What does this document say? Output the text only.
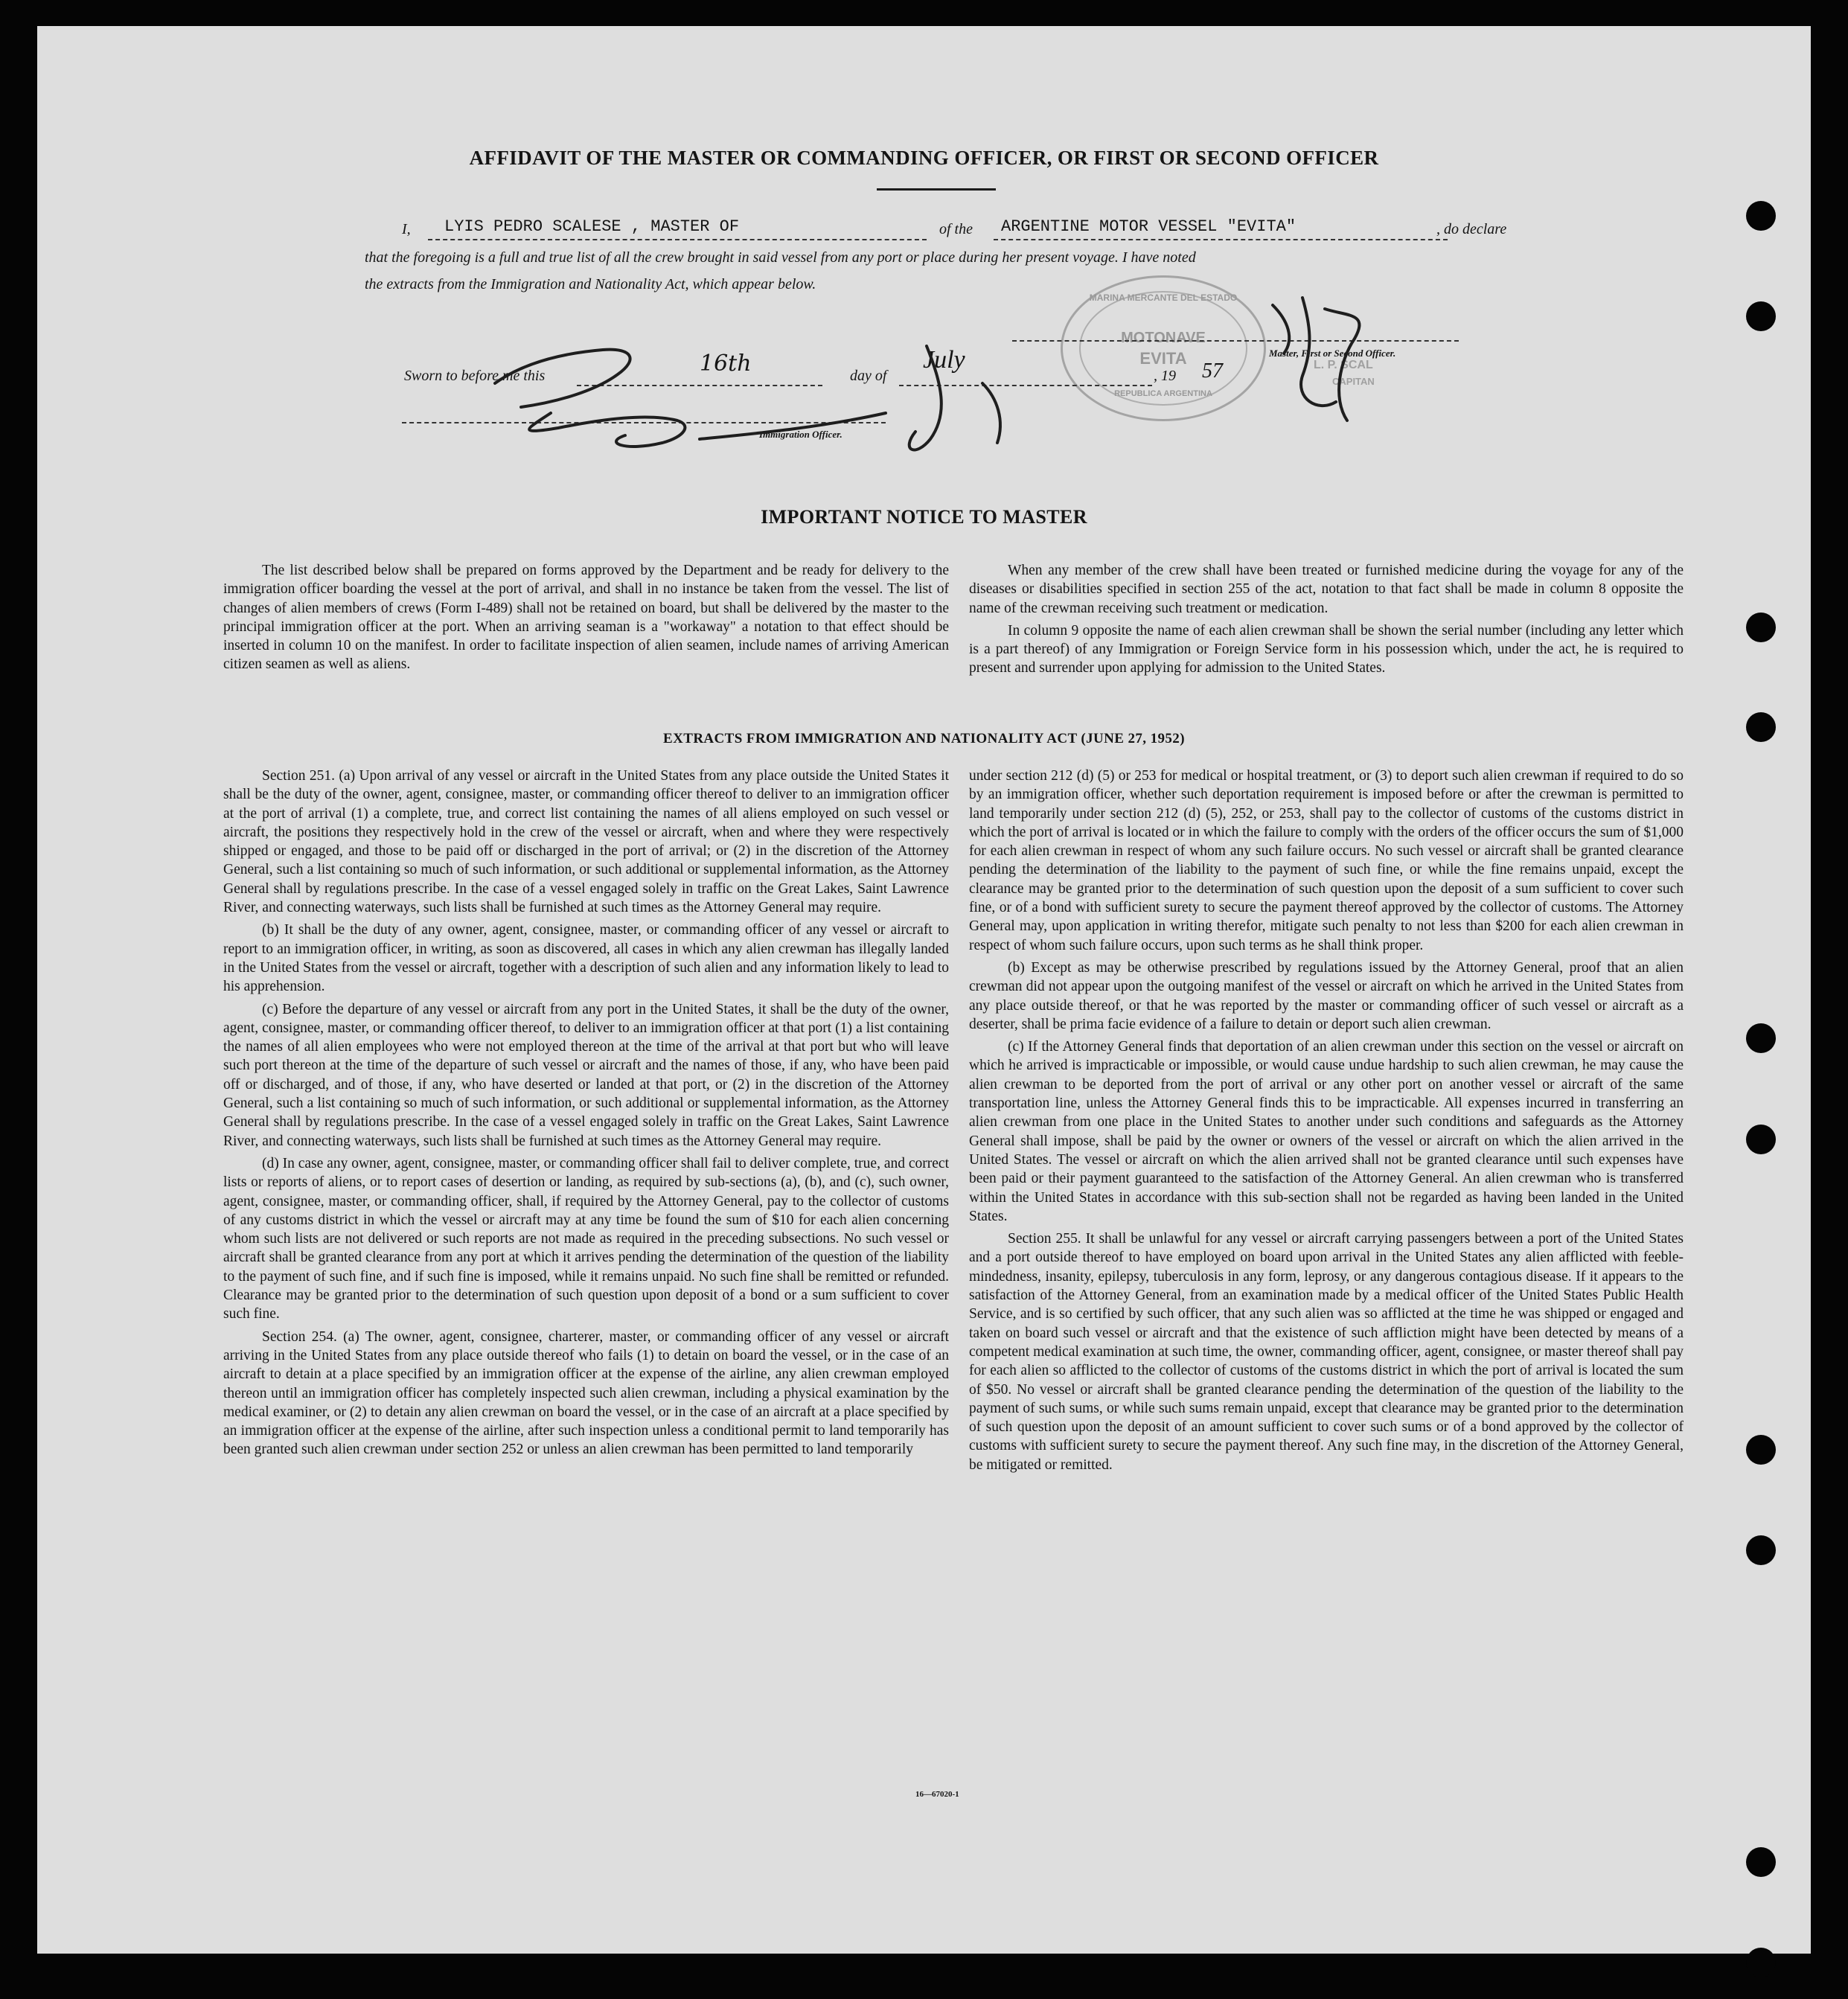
AFFIDAVIT OF THE MASTER OR COMMANDING OFFICER, OR FIRST OR SECOND OFFICER
I, LYIS PEDRO SCALESE , MASTER OF	of the ARGENTINE MOTOR VESSEL "EVITA"	, do declare
that the foregoing is a full and true list of all the crew brought in said vessel from any port or place during her present voyage. I have noted
the extracts from the Immigration and Nationality Act, which appear below.
MARINA MERCANTE DEL ESTADO
MOTONAVE
EVITA
REPUBLICA ARGENTINA
L. P. SCAL
CAPITAN
Master, First or Second Officer.
Sworn to before me this	16th	day of
July
, 19 57
Immigration Officer.
IMPORTANT NOTICE TO MASTER

The list described below shall be prepared on forms approved by the Department and be ready for delivery to the immigration officer boarding the vessel at the port of arrival, and shall in no instance be taken from the vessel. The list of changes of alien members of crews (Form I-489) shall not be retained on board, but shall be delivered by the master to the principal immigration officer at the port. When an arriving seaman is a "workaway" a notation to that effect should be inserted in column 10 on the manifest. In order to facilitate inspection of alien seamen, include names of arriving American citizen seamen as well as aliens.

When any member of the crew shall have been treated or furnished medicine during the voyage for any of the diseases or disabilities specified in section 255 of the act, notation to that fact shall be made in column 8 opposite the name of the crewman receiving such treatment or medication.

In column 9 opposite the name of each alien crewman shall be shown the serial number (including any letter which is a part thereof) of any Immigration or Foreign Service form in his possession which, under the act, he is required to present and surrender upon applying for admission to the United States.

EXTRACTS FROM IMMIGRATION AND NATIONALITY ACT (JUNE 27, 1952)

Section 251. (a) Upon arrival of any vessel or aircraft in the United States from any place outside the United States it shall be the duty of the owner, agent, consignee, master, or commanding officer thereof to deliver to an immigration officer at the port of arrival (1) a complete, true, and correct list containing the names of all aliens employed on such vessel or aircraft, the positions they respectively hold in the crew of the vessel or aircraft, when and where they were respectively shipped or engaged, and those to be paid off or discharged in the port of arrival; or (2) in the discretion of the Attorney General, such a list containing so much of such information, or such additional or supplemental information, as the Attorney General shall by regulations prescribe. In the case of a vessel engaged solely in traffic on the Great Lakes, Saint Lawrence River, and connecting waterways, such lists shall be furnished at such times as the Attorney General may require.

(b) It shall be the duty of any owner, agent, consignee, master, or commanding officer of any vessel or aircraft to report to an immigration officer, in writing, as soon as discovered, all cases in which any alien crewman has illegally landed in the United States from the vessel or aircraft, together with a description of such alien and any information likely to lead to his apprehension.

(c) Before the departure of any vessel or aircraft from any port in the United States, it shall be the duty of the owner, agent, consignee, master, or commanding officer thereof, to deliver to an immigration officer at that port (1) a list containing the names of all alien employees who were not employed thereon at the time of the arrival at that port but who will leave such port thereon at the time of the departure of such vessel or aircraft and the names of those, if any, who have been paid off or discharged, and of those, if any, who have deserted or landed at that port, or (2) in the discretion of the Attorney General, such a list containing so much of such information, or such additional or supplemental information, as the Attorney General shall by regulations prescribe. In the case of a vessel engaged solely in traffic on the Great Lakes, Saint Lawrence River, and connecting waterways, such lists shall be furnished at such times as the Attorney General may require.

(d) In case any owner, agent, consignee, master, or commanding officer shall fail to deliver complete, true, and correct lists or reports of aliens, or to report cases of desertion or landing, as required by sub-sections (a), (b), and (c), such owner, agent, consignee, master, or commanding officer, shall, if required by the Attorney General, pay to the collector of customs of any customs district in which the vessel or aircraft may at any time be found the sum of $10 for each alien concerning whom such lists are not delivered or such reports are not made as required in the preceding subsections. No such vessel or aircraft shall be granted clearance from any port at which it arrives pending the determination of the question of the liability to the payment of such fine, and if such fine is imposed, while it remains unpaid. No such fine shall be remitted or refunded. Clearance may be granted prior to the determination of such question upon deposit of a bond or a sum sufficient to cover such fine.

Section 254. (a) The owner, agent, consignee, charterer, master, or commanding officer of any vessel or aircraft arriving in the United States from any place outside thereof who fails (1) to detain on board the vessel, or in the case of an aircraft to detain at a place specified by an immigration officer at the expense of the airline, any alien crewman employed thereon until an immigration officer has completely inspected such alien crewman, including a physical examination by the medical examiner, or (2) to detain any alien crewman on board the vessel, or in the case of an aircraft at a place specified by an immigration officer at the expense of the airline, after such inspection unless a conditional permit to land temporarily has been granted such alien crewman under section 252 or unless an alien crewman has been permitted to land temporarily

under section 212 (d) (5) or 253 for medical or hospital treatment, or (3) to deport such alien crewman if required to do so by an immigration officer, whether such deportation requirement is imposed before or after the crewman is permitted to land temporarily under section 212 (d) (5), 252, or 253, shall pay to the collector of customs of the customs district in which the port of arrival is located or in which the failure to comply with the orders of the officer occurs the sum of $1,000 for each alien crewman in respect of whom any such failure occurs. No such vessel or aircraft shall be granted clearance pending the determination of the liability to the payment of such fine, or while the fine remains unpaid, except the clearance may be granted prior to the determination of such question upon the deposit of a sum sufficient to cover such fine, or of a bond with sufficient surety to secure the payment thereof approved by the collector of customs. The Attorney General may, upon application in writing therefor, mitigate such penalty to not less than $200 for each alien crewman in respect of whom such failure occurs, upon such terms as he shall think proper.

(b) Except as may be otherwise prescribed by regulations issued by the Attorney General, proof that an alien crewman did not appear upon the outgoing manifest of the vessel or aircraft on which he arrived in the United States from any place outside thereof, or that he was reported by the master or commanding officer of such vessel or aircraft as a deserter, shall be prima facie evidence of a failure to detain or deport such alien crewman.

(c) If the Attorney General finds that deportation of an alien crewman under this section on the vessel or aircraft on which he arrived is impracticable or impossible, or would cause undue hardship to such alien crewman, he may cause the alien crewman to be deported from the port of arrival or any other port on another vessel or aircraft of the same transportation line, unless the Attorney General finds this to be impracticable. All expenses incurred in transferring an alien crewman from one place in the United States to another under such conditions and safeguards as the Attorney General shall impose, shall be paid by the owner or owners of the vessel or aircraft on which the alien arrived in the United States. The vessel or aircraft on which the alien arrived shall not be granted clearance until such expenses have been paid or their payment guaranteed to the satisfaction of the Attorney General. An alien crewman who is transferred within the United States in accordance with this sub-section shall not be regarded as having been landed in the United States.

Section 255. It shall be unlawful for any vessel or aircraft carrying passengers between a port of the United States and a port outside thereof to have employed on board upon arrival in the United States any alien afflicted with feeble-mindedness, insanity, epilepsy, tuberculosis in any form, leprosy, or any dangerous contagious disease. If it appears to the satisfaction of the Attorney General, from an examination made by a medical officer of the United States Public Health Service, and is so certified by such officer, that any such alien was so afflicted at the time he was shipped or engaged and taken on board such vessel or aircraft and that the existence of such affliction might have been detected by means of a competent medical examination at such time, the owner, commanding officer, agent, consignee, or master thereof shall pay for each alien so afflicted to the collector of customs of the customs district in which the port of arrival is located the sum of $50. No vessel or aircraft shall be granted clearance pending the determination of the question of the liability to the payment of such sums, or while such sums remain unpaid, except that clearance may be granted prior to the determination of such question upon the deposit of an amount sufficient to cover such sums or of a bond approved by the collector of customs with sufficient surety to secure the payment thereof. Any such fine may, in the discretion of the Attorney General, be mitigated or remitted.

16—67020-1
